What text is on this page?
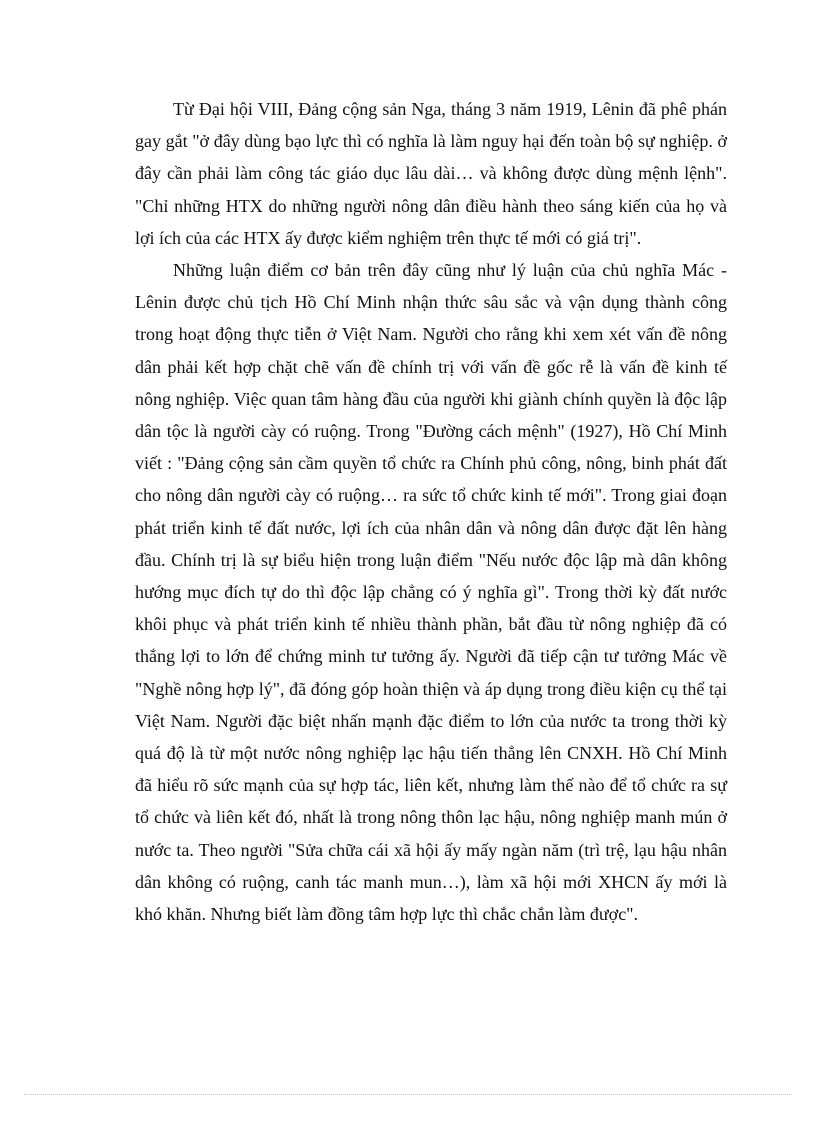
Từ Đại hội VIII, Đảng cộng sản Nga, tháng 3 năm 1919, Lênin đã phê phán gay gắt "ở đây dùng bạo lực thì có nghĩa là làm nguy hại đến toàn bộ sự nghiệp. ở đây cần phải làm công tác giáo dục lâu dài… và không được dùng mệnh lệnh". "Chỉ những HTX do những người nông dân điều hành theo sáng kiến của họ và lợi ích của các HTX ấy được kiểm nghiệm trên thực tế mới có giá trị".

Những luận điểm cơ bản trên đây cũng như lý luận của chủ nghĩa Mác - Lênin được chủ tịch Hồ Chí Minh nhận thức sâu sắc và vận dụng thành công trong hoạt động thực tiễn ở Việt Nam. Người cho rằng khi xem xét vấn đề nông dân phải kết hợp chặt chẽ vấn đề chính trị với vấn đề gốc rễ là vấn đề kinh tế nông nghiệp. Việc quan tâm hàng đầu của người khi giành chính quyền là độc lập dân tộc là người cày có ruộng. Trong "Đường cách mệnh" (1927), Hồ Chí Minh viết : "Đảng cộng sản cầm quyền tổ chức ra Chính phủ công, nông, binh phát đất cho nông dân người cày có ruộng… ra sức tổ chức kinh tế mới". Trong giai đoạn phát triển kinh tế đất nước, lợi ích của nhân dân và nông dân được đặt lên hàng đầu. Chính trị là sự biểu hiện trong luận điểm "Nếu nước độc lập mà dân không hướng mục đích tự do thì độc lập chẳng có ý nghĩa gì". Trong thời kỳ đất nước khôi phục và phát triển kinh tế nhiều thành phần, bắt đầu từ nông nghiệp đã có thắng lợi to lớn để chứng minh tư tưởng ấy. Người đã tiếp cận tư tưởng Mác về "Nghề nông hợp lý", đã đóng góp hoàn thiện và áp dụng trong điều kiện cụ thể tại Việt Nam. Người đặc biệt nhấn mạnh đặc điểm to lớn của nước ta trong thời kỳ quá độ là từ một nước nông nghiệp lạc hậu tiến thẳng lên CNXH. Hồ Chí Minh đã hiểu rõ sức mạnh của sự hợp tác, liên kết, nhưng làm thế nào để tổ chức ra sự tổ chức và liên kết đó, nhất là trong nông thôn lạc hậu, nông nghiệp manh mún ở nước ta. Theo người "Sửa chữa cái xã hội ấy mấy ngàn năm (trì trệ, lạu hậu nhân dân không có ruộng, canh tác manh mun…), làm xã hội mới XHCN ấy mới là khó khăn. Nhưng biết làm đồng tâm hợp lực thì chắc chắn làm được".
